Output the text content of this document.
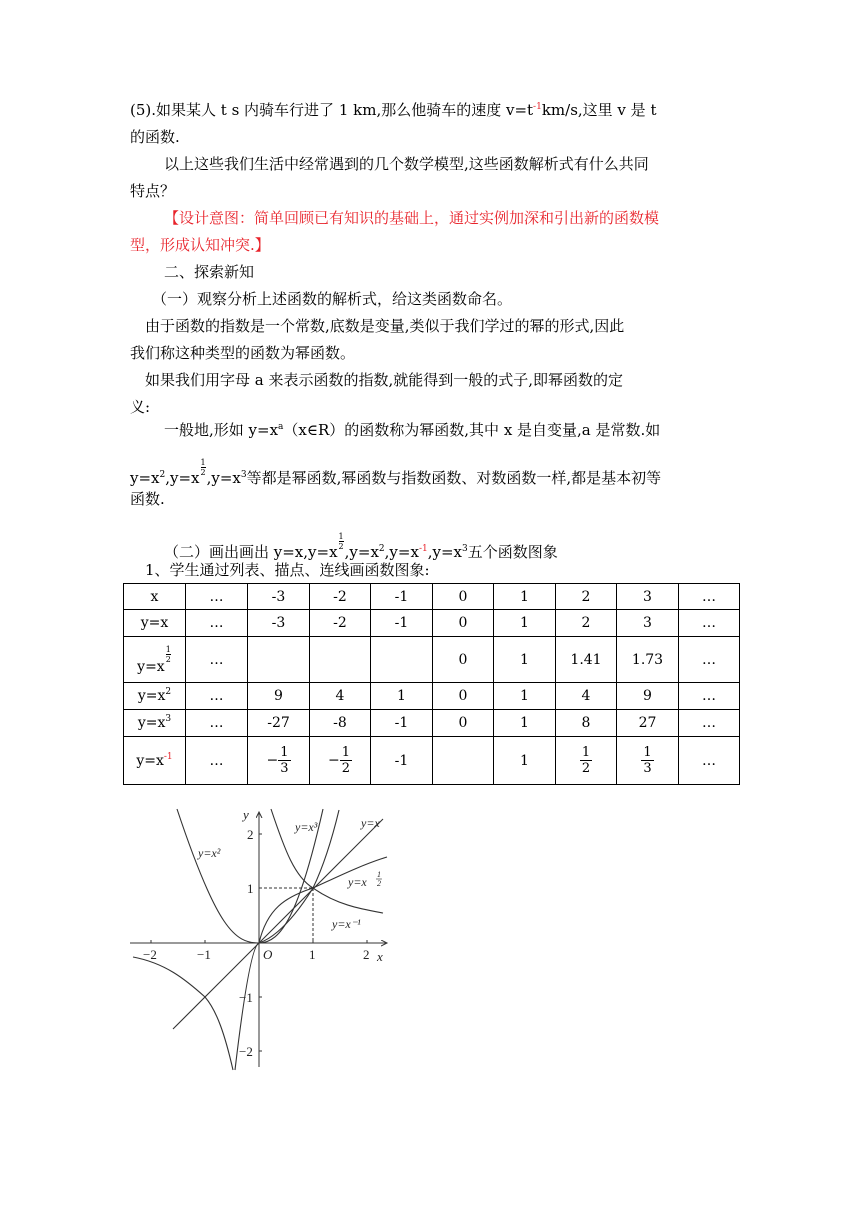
(5).如果某人 t s 内骑车行进了 1 km,那么他骑车的速度 $v=t^{-1}km/s$,这里 v 是 t
的函数.
以上这些我们生活中经常遇到的几个数学模型,这些函数解析式有什么共同
特点？
【设计意图：简单回顾已有知识的基础上，通过实例加深和引出新的函数模
型，形成认知冲突.】
二、探索新知
（一）观察分析上述函数的解析式，给这类函数命名。
由于函数的指数是一个常数,底数是变量,类似于我们学过的幂的形式,因此
我们称这种类型的函数为幂函数。
如果我们用字母 a 来表示函数的指数,就能得到一般的式子,即幂函数的定
义:
一般地,形如 $y=x^a(x\in R)$的函数称为幂函数,其中 x 是自变量,a 是常数.如
$y=x^2,y=x$
$\frac{1}{2}$
$,y=x^3$等都是幂函数,幂函数与指数函数、对数函数一样,都是基本初等
函数.
（二）画出画出 y=x,y=x
$\frac{1}{2}$
$,y=x^2,y=x^{-1},y=x^3$五个函数图象
1、学生通过列表、描点、连线画函数图象:
x	…	-3	-2	-1	0	1	2	3	…
y=x	…	-3	-2	-1	0	1	2	3	…
y=x
$\frac{1}{2}$	…				0	1	1.41	1.73	…
$y=x^2$	…	9	4	1	0	1	4	9	…
$y=x^3$	…	-27	-8	-1	0	1	8	27	…
$y=x^{-1}$	…	− $\frac{1}{3}$	− $\frac{1}{2}$	-1		1	$\frac{1}{2}$	$\frac{1}{3}$	…
−2	−1	1	2
2
1
−1
−2
O	x
y
y=x²
y=x³	y=x
y=x
1
2
y=x⁻¹
